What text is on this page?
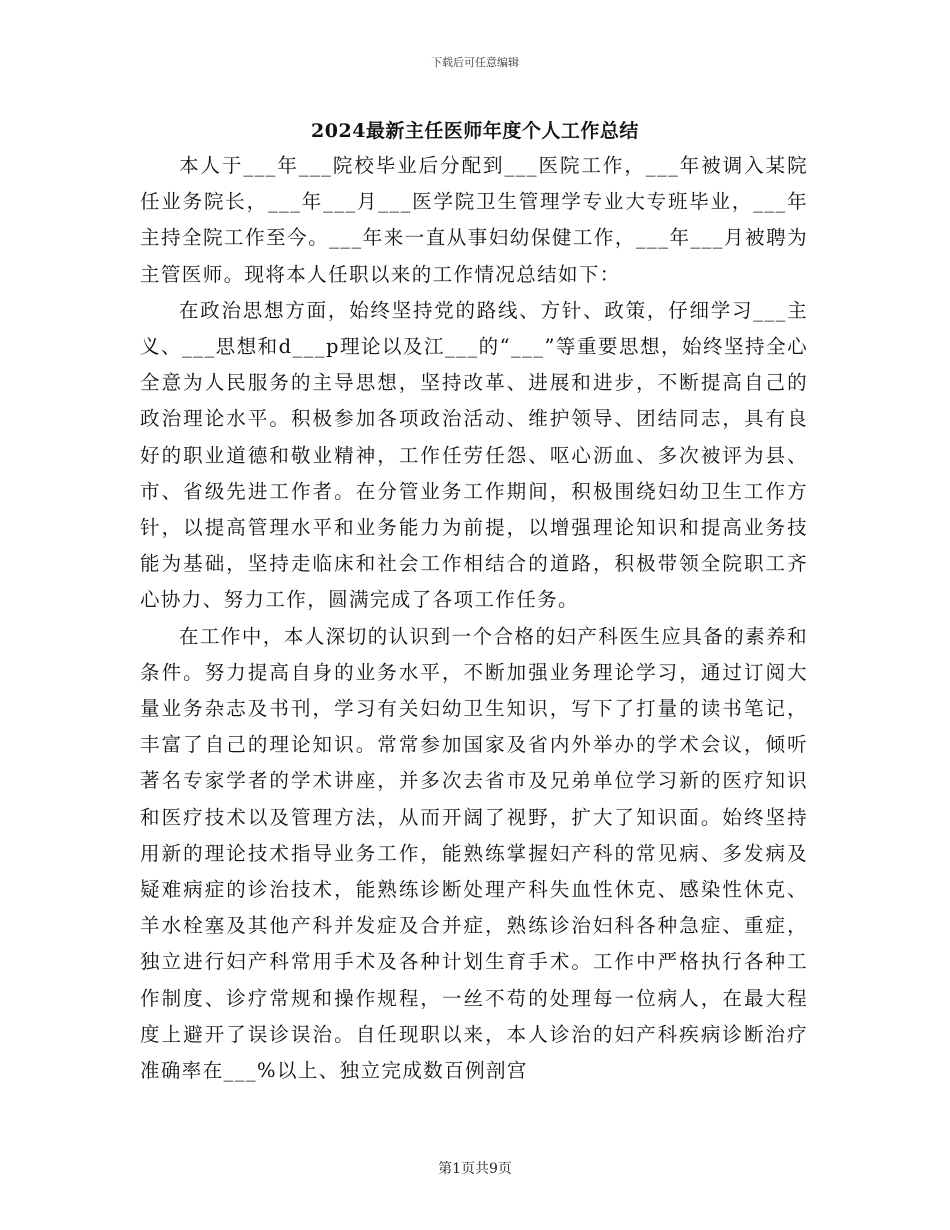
下载后可任意编辑
2024最新主任医师年度个人工作总结

本人于___年___院校毕业后分配到___医院工作，___年被调入某院任业务院长，___年___月___医学院卫生管理学专业大专班毕业，___年主持全院工作至今。___年来一直从事妇幼保健工作，___年___月被聘为主管医师。现将本人任职以来的工作情况总结如下：

在政治思想方面，始终坚持党的路线、方针、政策，仔细学习___主义、___思想和d___p理论以及江___的“___”等重要思想，始终坚持全心全意为人民服务的主导思想，坚持改革、进展和进步，不断提高自己的政治理论水平。积极参加各项政治活动、维护领导、团结同志，具有良好的职业道德和敬业精神，工作任劳任怨、呕心沥血、多次被评为县、市、省级先进工作者。在分管业务工作期间，积极围绕妇幼卫生工作方针，以提高管理水平和业务能力为前提，以增强理论知识和提高业务技能为基础，坚持走临床和社会工作相结合的道路，积极带领全院职工齐心协力、努力工作，圆满完成了各项工作任务。

在工作中，本人深切的认识到一个合格的妇产科医生应具备的素养和条件。努力提高自身的业务水平，不断加强业务理论学习，通过订阅大量业务杂志及书刊，学习有关妇幼卫生知识，写下了打量的读书笔记，丰富了自己的理论知识。常常参加国家及省内外举办的学术会议，倾听著名专家学者的学术讲座，并多次去省市及兄弟单位学习新的医疗知识和医疗技术以及管理方法，从而开阔了视野，扩大了知识面。始终坚持用新的理论技术指导业务工作，能熟练掌握妇产科的常见病、多发病及疑难病症的诊治技术，能熟练诊断处理产科失血性休克、感染性休克、羊水栓塞及其他产科并发症及合并症，熟练诊治妇科各种急症、重症，独立进行妇产科常用手术及各种计划生育手术。工作中严格执行各种工作制度、诊疗常规和操作规程，一丝不苟的处理每一位病人，在最大程度上避开了误诊误治。自任现职以来，本人诊治的妇产科疾病诊断治疗准确率在___%以上、独立完成数百例剖宫

第1页共9页
